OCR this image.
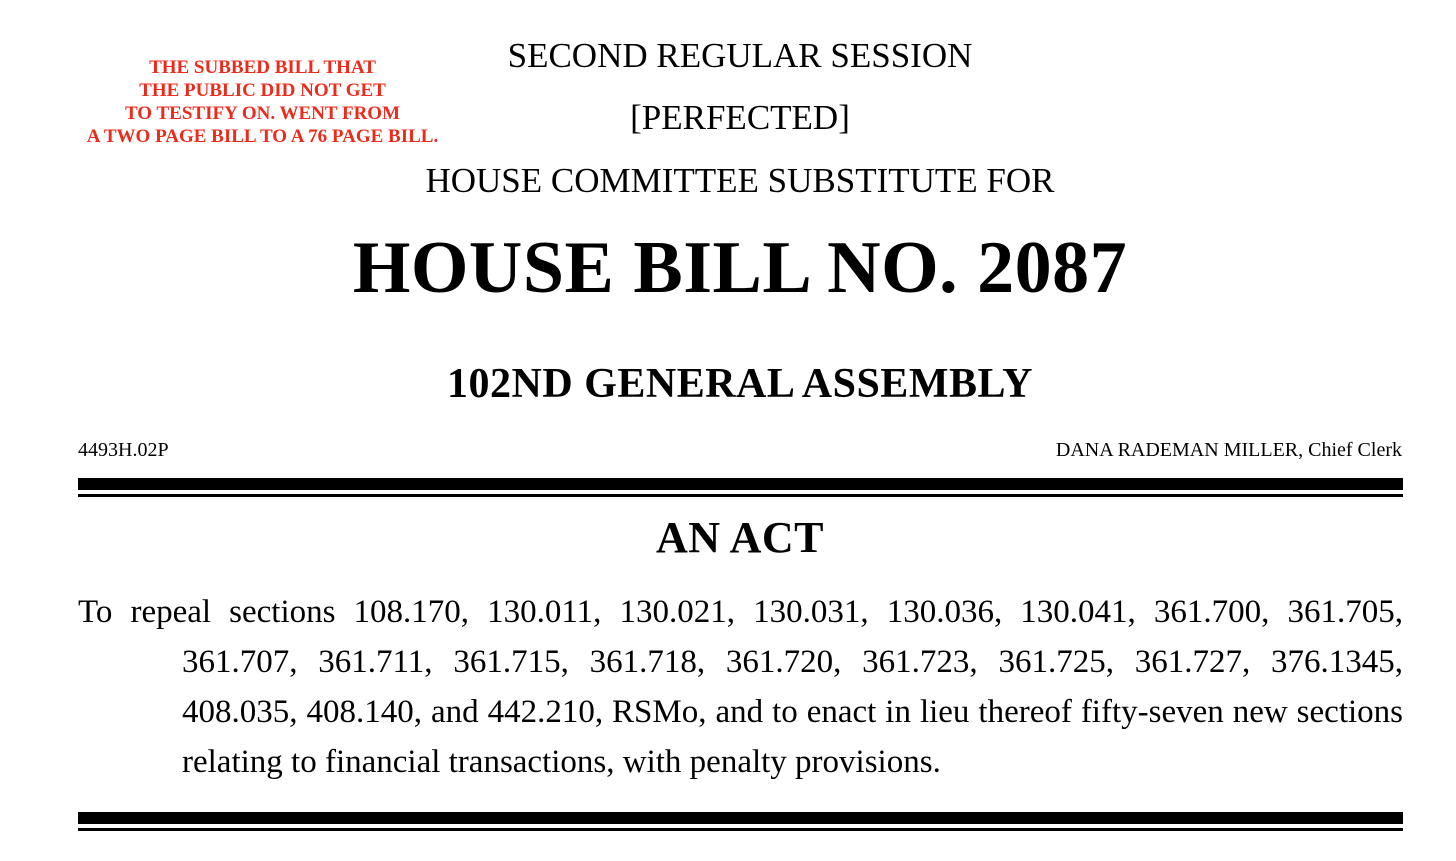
THE SUBBED BILL THAT
THE PUBLIC DID NOT GET
TO TESTIFY ON. WENT FROM
A TWO PAGE BILL TO A 76 PAGE BILL.
SECOND REGULAR SESSION
[PERFECTED]
HOUSE COMMITTEE SUBSTITUTE FOR
HOUSE BILL NO. 2087
102ND GENERAL ASSEMBLY
4493H.02P	DANA RADEMAN MILLER, Chief Clerk
AN ACT
To repeal sections 108.170, 130.011, 130.021, 130.031, 130.036, 130.041, 361.700, 361.705, 361.707, 361.711, 361.715, 361.718, 361.720, 361.723, 361.725, 361.727, 376.1345, 408.035, 408.140, and 442.210, RSMo, and to enact in lieu thereof fifty-seven new sections relating to financial transactions, with penalty provisions.
